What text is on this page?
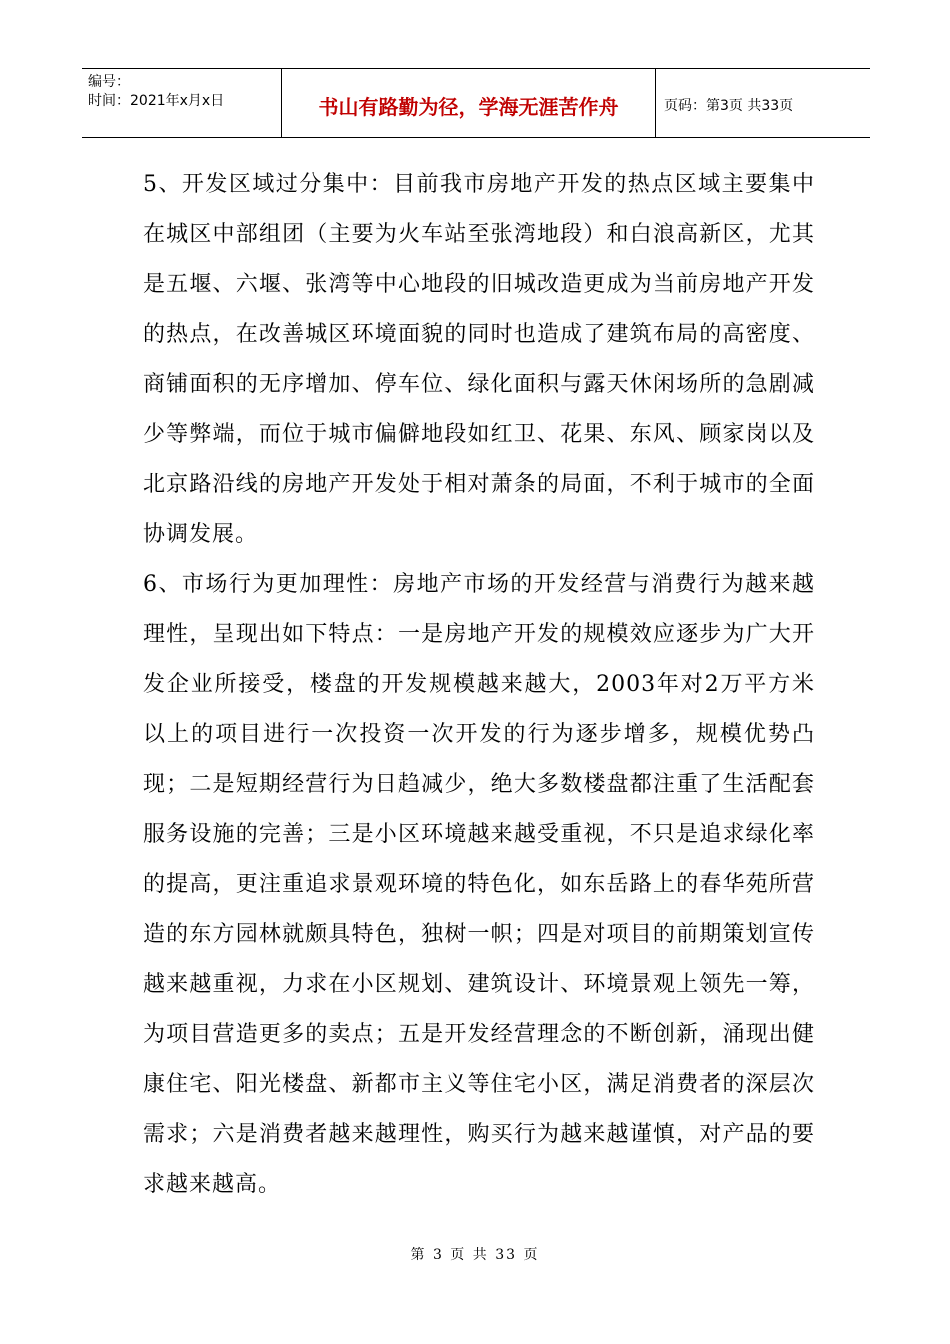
编号：
时间：2021年x月x日	书山有路勤为径，学海无涯苦作舟	页码：第3页 共33页

5、开发区域过分集中：目前我市房地产开发的热点区域主要集中在城区中部组团（主要为火车站至张湾地段）和白浪高新区，尤其是五堰、六堰、张湾等中心地段的旧城改造更成为当前房地产开发的热点，在改善城区环境面貌的同时也造成了建筑布局的高密度、商铺面积的无序增加、停车位、绿化面积与露天休闲场所的急剧减少等弊端，而位于城市偏僻地段如红卫、花果、东风、顾家岗以及北京路沿线的房地产开发处于相对萧条的局面，不利于城市的全面协调发展。

6、市场行为更加理性：房地产市场的开发经营与消费行为越来越理性，呈现出如下特点：一是房地产开发的规模效应逐步为广大开发企业所接受，楼盘的开发规模越来越大，2003年对2万平方米以上的项目进行一次投资一次开发的行为逐步增多，规模优势凸现；二是短期经营行为日趋减少，绝大多数楼盘都注重了生活配套服务设施的完善；三是小区环境越来越受重视，不只是追求绿化率的提高，更注重追求景观环境的特色化，如东岳路上的春华苑所营造的东方园林就颇具特色，独树一帜；四是对项目的前期策划宣传越来越重视，力求在小区规划、建筑设计、环境景观上领先一筹，为项目营造更多的卖点；五是开发经营理念的不断创新，涌现出健康住宅、阳光楼盘、新都市主义等住宅小区，满足消费者的深层次需求；六是消费者越来越理性，购买行为越来越谨慎，对产品的要求越来越高。

第 3 页 共 33 页
